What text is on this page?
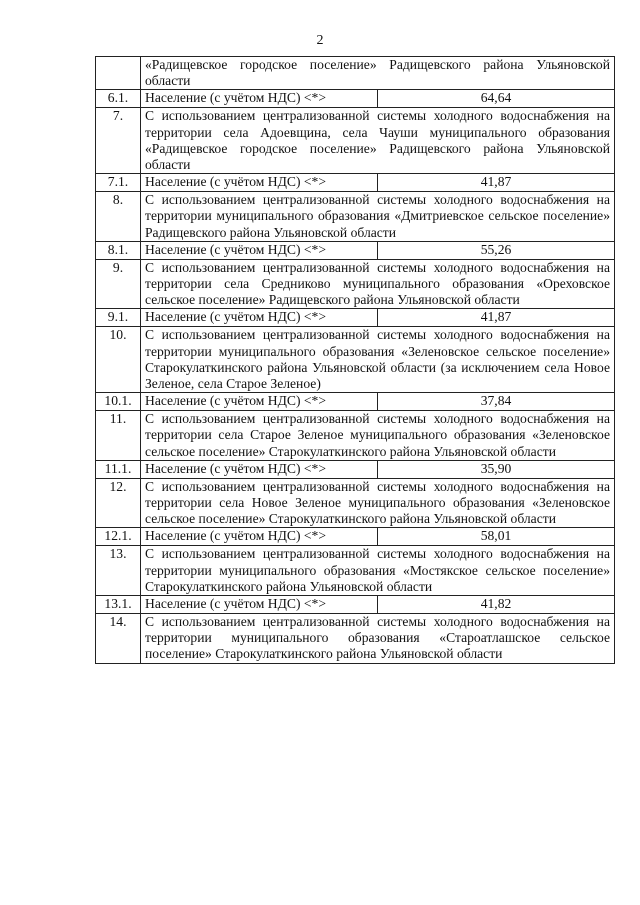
2
	«Радищевское городское поселение» Радищевского района Ульяновской области	
6.1.	Население (с учётом НДС) <*>	64,64
7.	С использованием централизованной системы холодного водоснабжения на территории села Адоевщина, села Чауши муниципального образования «Радищевское городское поселение» Радищевского района Ульяновской области	
7.1.	Население (с учётом НДС) <*>	41,87
8.	С использованием централизованной системы холодного водоснабжения на территории муниципального образования «Дмитриевское сельское поселение» Радищевского района Ульяновской области	
8.1.	Население (с учётом НДС) <*>	55,26
9.	С использованием централизованной системы холодного водоснабжения на территории села Средниково муниципального образования «Ореховское сельское поселение» Радищевского района Ульяновской области	
9.1.	Население (с учётом НДС) <*>	41,87
10.	С использованием централизованной системы холодного водоснабжения на территории муниципального образования «Зеленовское сельское поселение» Старокулаткинского района Ульяновской области (за исключением села Новое Зеленое, села Старое Зеленое)	
10.1.	Население (с учётом НДС) <*>	37,84
11.	С использованием централизованной системы холодного водоснабжения на территории села Старое Зеленое муниципального образования «Зеленовское сельское поселение» Старокулаткинского района Ульяновской области	
11.1.	Население (с учётом НДС) <*>	35,90
12.	С использованием централизованной системы холодного водоснабжения на территории села Новое Зеленое муниципального образования «Зеленовское сельское поселение» Старокулаткинского района Ульяновской области	
12.1.	Население (с учётом НДС) <*>	58,01
13.	С использованием централизованной системы холодного водоснабжения на территории муниципального образования «Мостякское сельское поселение» Старокулаткинского района Ульяновской области	
13.1.	Население (с учётом НДС) <*>	41,82
14.	С использованием централизованной системы холодного водоснабжения на территории муниципального образования «Староатлашское сельское поселение» Старокулаткинского района Ульяновской области	
